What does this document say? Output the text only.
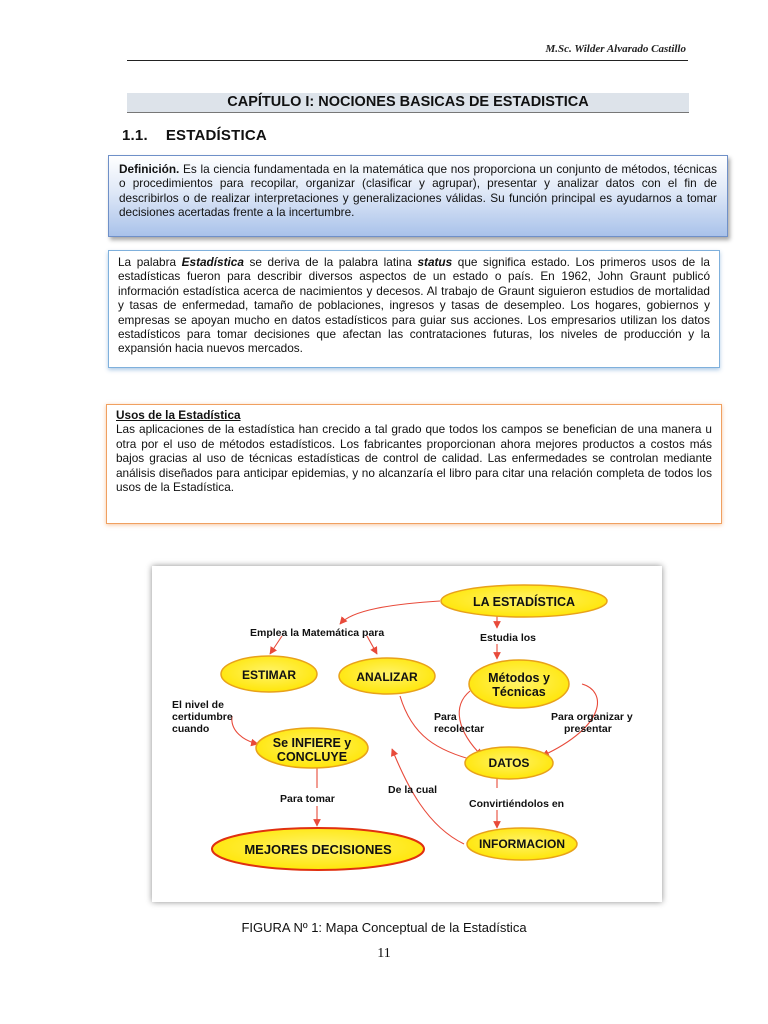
M.Sc. Wilder Alvarado Castillo
CAPÍTULO I: NOCIONES BASICAS DE ESTADISTICA
1.1. ESTADÍSTICA
Definición. Es la ciencia fundamentada en la matemática que nos proporciona un conjunto de métodos, técnicas o procedimientos para recopilar, organizar (clasificar y agrupar), presentar y analizar datos con el fin de describirlos o de realizar interpretaciones y generalizaciones válidas. Su función principal es ayudarnos a tomar decisiones acertadas frente a la incertumbre.
La palabra Estadística se deriva de la palabra latina status que significa estado. Los primeros usos de la estadísticas fueron para describir diversos aspectos de un estado o país. En 1962, John Graunt publicó información estadística acerca de nacimientos y decesos. Al trabajo de Graunt siguieron estudios de mortalidad y tasas de enfermedad, tamaño de poblaciones, ingresos y tasas de desempleo. Los hogares, gobiernos y empresas se apoyan mucho en datos estadísticos para guiar sus acciones. Los empresarios utilizan los datos estadísticos para tomar decisiones que afectan las contrataciones futuras, los niveles de producción y la expansión hacia nuevos mercados.
Usos de la Estadística
Las aplicaciones de la estadística han crecido a tal grado que todos los campos se benefician de una manera u otra por el uso de métodos estadísticos. Los fabricantes proporcionan ahora mejores productos a costos más bajos gracias al uso de técnicas estadísticas de control de calidad. Las enfermedades se controlan mediante análisis diseñados para anticipar epidemias, y no alcanzaría el libro para citar una relación completa de todos los usos de la Estadística.
LA ESTADÍSTICA
ESTIMAR	ANALIZAR	Métodos y
Técnicas
Se INFIERE y
CONCLUYE	DATOS
MEJORES DECISIONES	INFORMACION
Emplea la Matemática para	Estudia los
El nivel de
certidumbre
cuando
Para
recolectar
Para organizar y
presentar
De la cual
Para tomar	Convirtiéndolos en
FIGURA Nº 1: Mapa Conceptual de la Estadística
11
